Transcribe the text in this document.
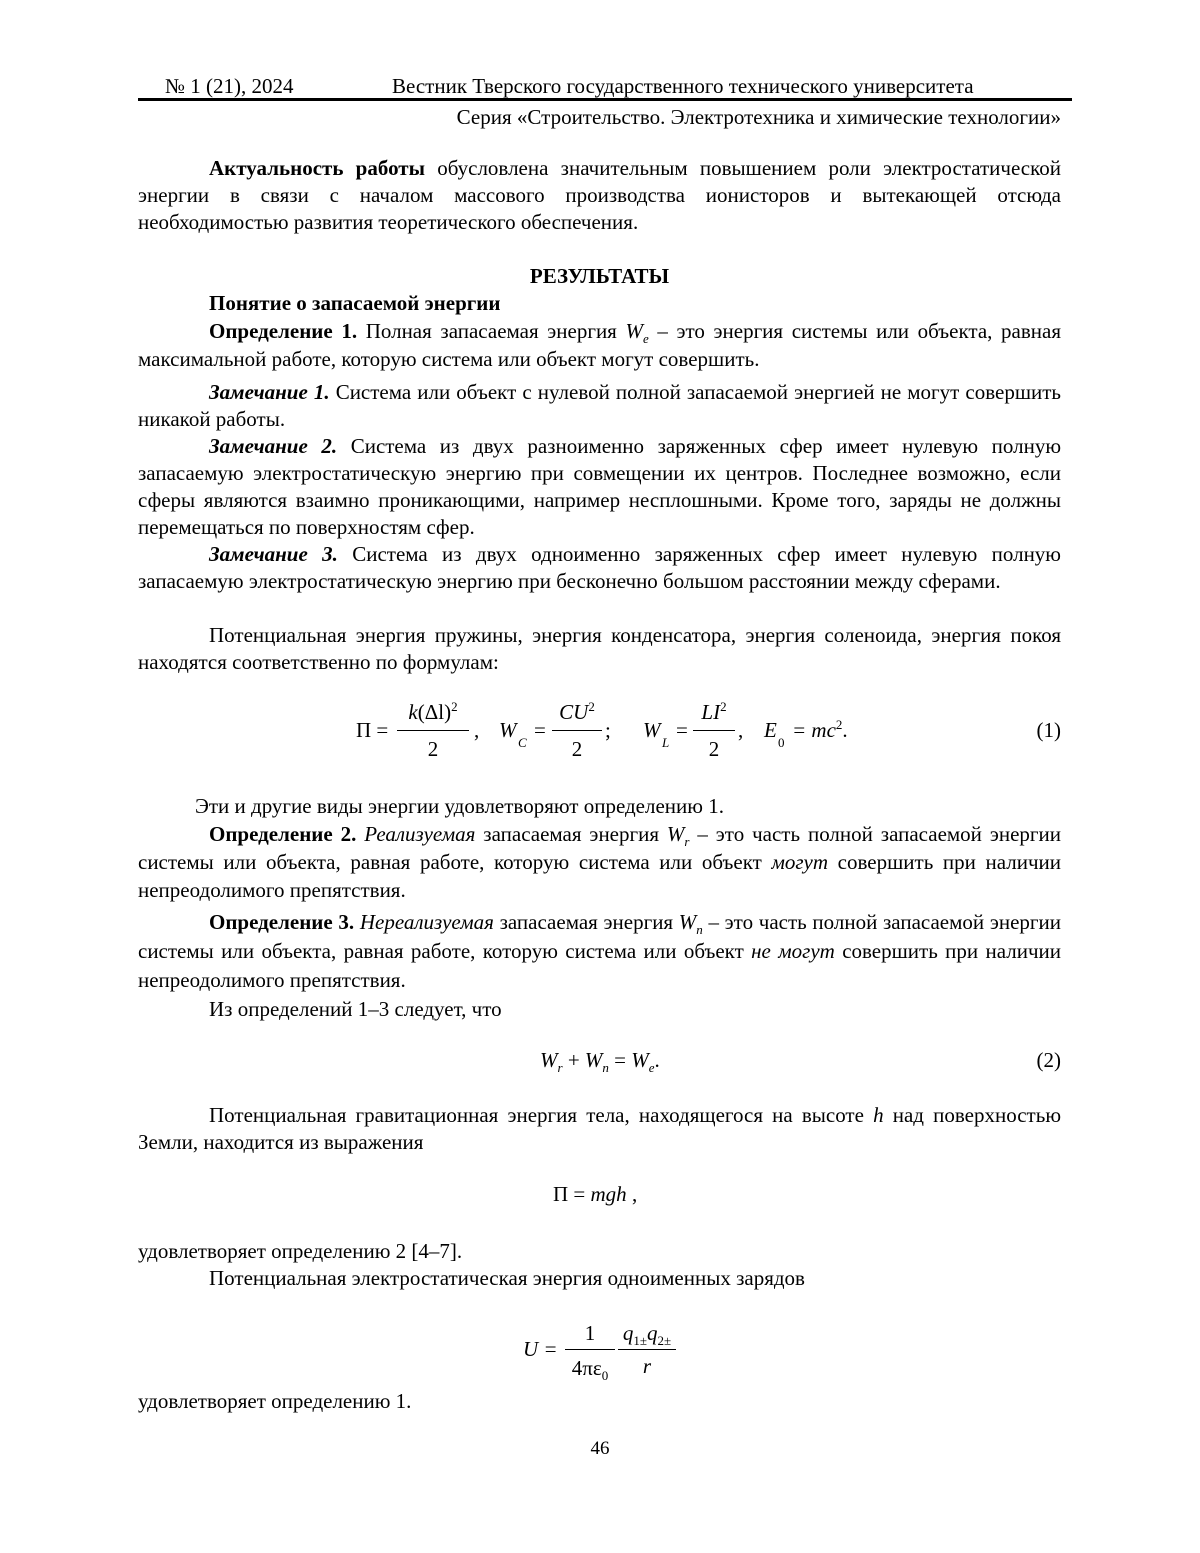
№ 1 (21), 2024	Вестник Тверского государственного технического университета
Серия «Строительство. Электротехника и химические технологии»
Актуальность работы обусловлена значительным повышением роли электростатической энергии в связи с началом массового производства ионисторов и вытекающей отсюда необходимостью развития теоретического обеспечения.
РЕЗУЛЬТАТЫ
Понятие о запасаемой энергии
Определение 1. Полная запасаемая энергия We – это энергия системы или объекта, равная максимальной работе, которую система или объект могут совершить.
Замечание 1. Система или объект с нулевой полной запасаемой энергией не могут совершить никакой работы.
Замечание 2. Система из двух разноименно заряженных сфер имеет нулевую полную запасаемую электростатическую энергию при совмещении их центров. Последнее возможно, если сферы являются взаимно проникающими, например несплошными. Кроме того, заряды не должны перемещаться по поверхностям сфер.
Замечание 3. Система из двух одноименно заряженных сфер имеет нулевую полную запасаемую электростатическую энергию при бесконечно большом расстоянии между сферами.
Потенциальная энергия пружины, энергия конденсатора, энергия соленоида, энергия покоя находятся соответственно по формулам:
Π =
k(Δl)2
2
, W
C
=
CU2
2
; W
L
=
LI2
2
, E
0
= mc2.	(1)
Эти и другие виды энергии удовлетворяют определению 1.
Определение 2. Реализуемая запасаемая энергия Wr – это часть полной запасаемой энергии системы или объекта, равная работе, которую система или объект могут совершить при наличии непреодолимого препятствия.
Определение 3. Нереализуемая запасаемая энергия Wn – это часть полной запасаемой энергии системы или объекта, равная работе, которую система или объект не могут совершить при наличии непреодолимого препятствия.
Из определений 1–3 следует, что
Wr + Wn = We.	(2)
Потенциальная гравитационная энергия тела, находящегося на высоте h над поверхностью Земли, находится из выражения
Π = mgh ,
удовлетворяет определению 2 [4–7].
Потенциальная электростатическая энергия одноименных зарядов
U =
1
4πε0
q1±q2±
r
удовлетворяет определению 1.
46
